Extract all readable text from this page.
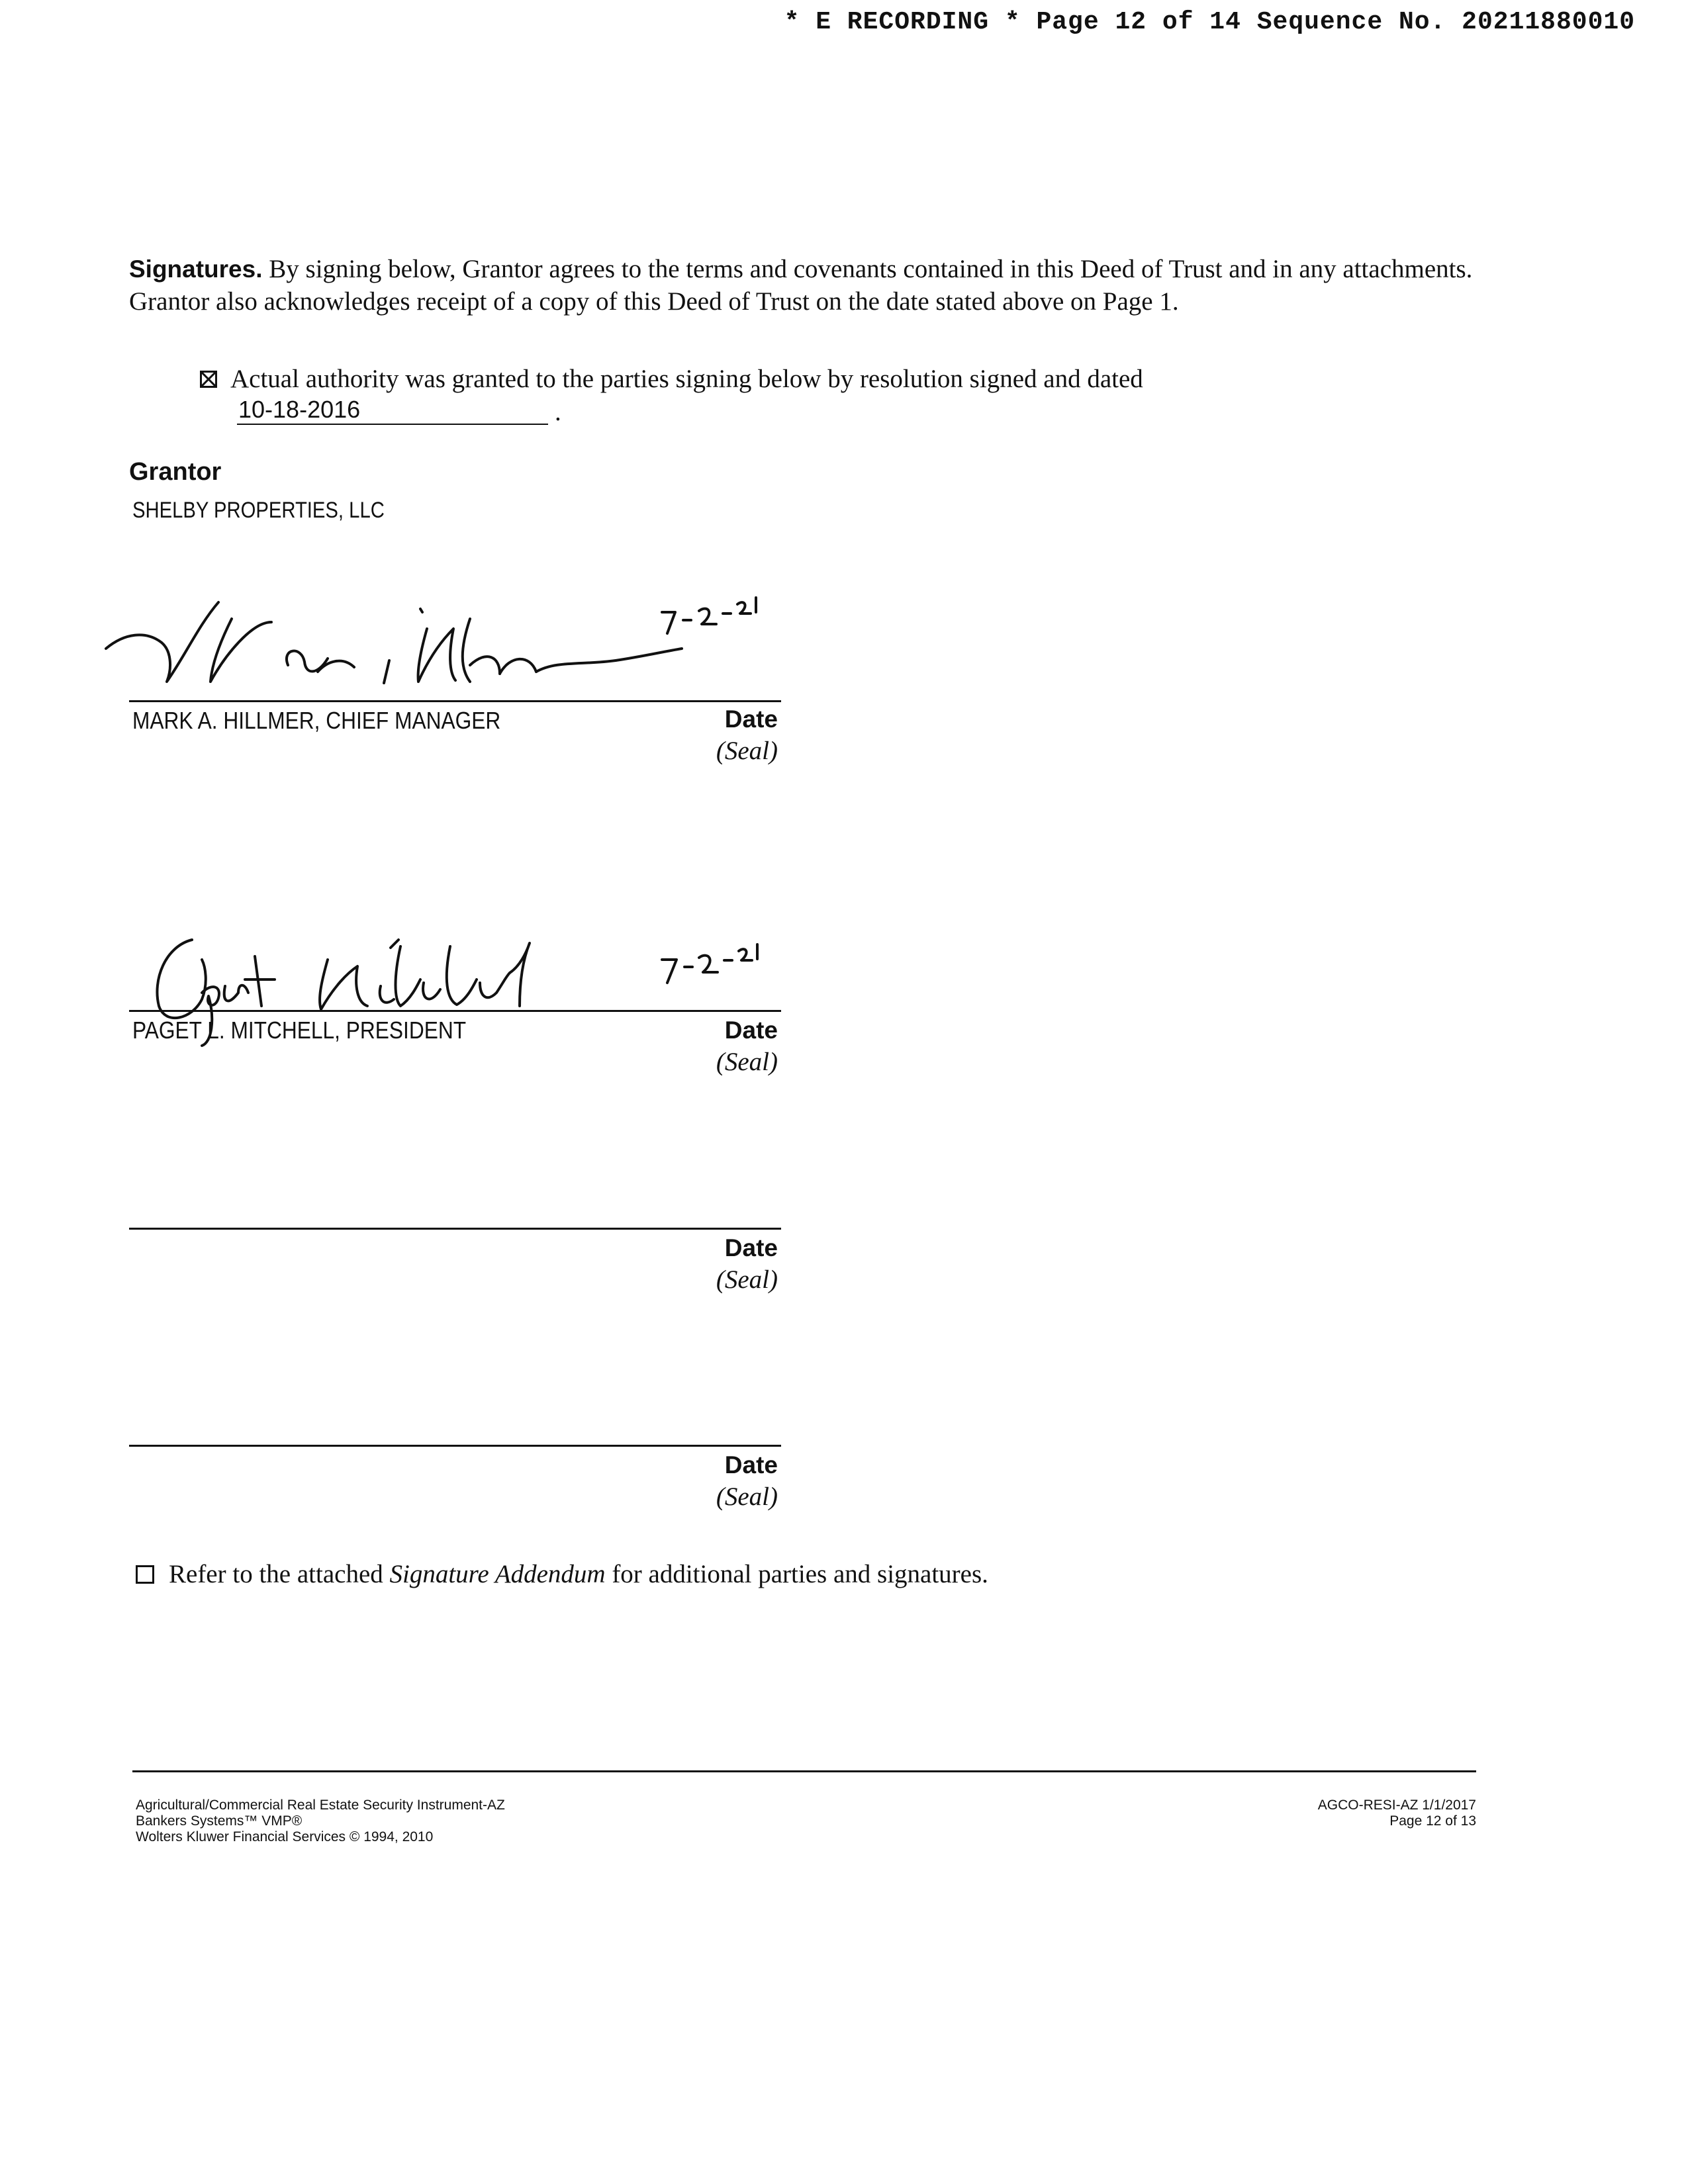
* E RECORDING * Page 12 of 14 Sequence No. 20211880010
Signatures. By signing below, Grantor agrees to the terms and covenants contained in this Deed of Trust and in any attachments. Grantor also acknowledges receipt of a copy of this Deed of Trust on the date stated above on Page 1.
Actual authority was granted to the parties signing below by resolution signed and dated
10-18-2016	.
Grantor
SHELBY PROPERTIES, LLC
MARK A. HILLMER, CHIEF MANAGER	Date
(Seal)
PAGET L. MITCHELL, PRESIDENT	Date
(Seal)
Date
(Seal)
Date
(Seal)
Refer to the attached Signature Addendum for additional parties and signatures.
Agricultural/Commercial Real Estate Security Instrument-AZ
Bankers Systems™ VMP®
Wolters Kluwer Financial Services © 1994, 2010
AGCO-RESI-AZ 1/1/2017
Page 12 of 13
